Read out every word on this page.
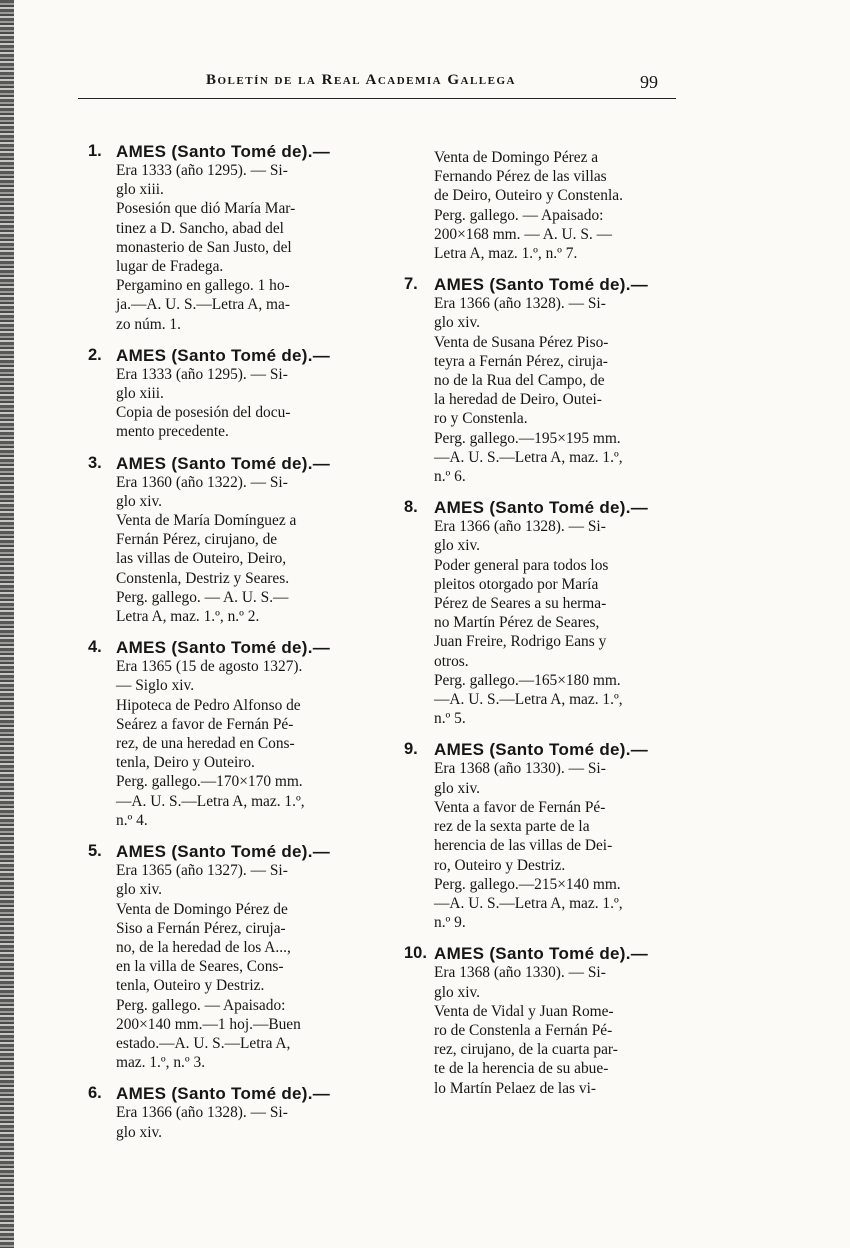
Boletín de la Real Academia Gallega	99
1. AMES (Santo Tomé de).—
Era 1333 (año 1295). — Si-
glo xiii.
Posesión que dió María Mar-
tinez a D. Sancho, abad del
monasterio de San Justo, del
lugar de Fradega.
Pergamino en gallego. 1 ho-
ja.—A. U. S.—Letra A, ma-
zo núm. 1.
2. AMES (Santo Tomé de).—
Era 1333 (año 1295). — Si-
glo xiii.
Copia de posesión del docu-
mento precedente.
3. AMES (Santo Tomé de).—
Era 1360 (año 1322). — Si-
glo xiv.
Venta de María Domínguez a
Fernán Pérez, cirujano, de
las villas de Outeiro, Deiro,
Constenla, Destriz y Seares.
Perg. gallego. — A. U. S.—
Letra A, maz. 1.º, n.º 2.
4. AMES (Santo Tomé de).—
Era 1365 (15 de agosto 1327).
— Siglo xiv.
Hipoteca de Pedro Alfonso de
Seárez a favor de Fernán Pé-
rez, de una heredad en Cons-
tenla, Deiro y Outeiro.
Perg. gallego.—170×170 mm.
—A. U. S.—Letra A, maz. 1.º,
n.º 4.
5. AMES (Santo Tomé de).—
Era 1365 (año 1327). — Si-
glo xiv.
Venta de Domingo Pérez de
Siso a Fernán Pérez, ciruja-
no, de la heredad de los A...,
en la villa de Seares, Cons-
tenla, Outeiro y Destriz.
Perg. gallego. — Apaisado:
200×140 mm.—1 hoj.—Buen
estado.—A. U. S.—Letra A,
maz. 1.º, n.º 3.
6. AMES (Santo Tomé de).—
Era 1366 (año 1328). — Si-
glo xiv.
Venta de Domingo Pérez a
Fernando Pérez de las villas
de Deiro, Outeiro y Constenla.
Perg. gallego. — Apaisado:
200×168 mm. — A. U. S. —
Letra A, maz. 1.º, n.º 7.
7. AMES (Santo Tomé de).—
Era 1366 (año 1328). — Si-
glo xiv.
Venta de Susana Pérez Piso-
teyra a Fernán Pérez, ciruja-
no de la Rua del Campo, de
la heredad de Deiro, Outei-
ro y Constenla.
Perg. gallego.—195×195 mm.
—A. U. S.—Letra A, maz. 1.º,
n.º 6.
8. AMES (Santo Tomé de).—
Era 1366 (año 1328). — Si-
glo xiv.
Poder general para todos los
pleitos otorgado por María
Pérez de Seares a su herma-
no Martín Pérez de Seares,
Juan Freire, Rodrigo Eans y
otros.
Perg. gallego.—165×180 mm.
—A. U. S.—Letra A, maz. 1.º,
n.º 5.
9. AMES (Santo Tomé de).—
Era 1368 (año 1330). — Si-
glo xiv.
Venta a favor de Fernán Pé-
rez de la sexta parte de la
herencia de las villas de Dei-
ro, Outeiro y Destriz.
Perg. gallego.—215×140 mm.
—A. U. S.—Letra A, maz. 1.º,
n.º 9.
10. AMES (Santo Tomé de).—
Era 1368 (año 1330). — Si-
glo xiv.
Venta de Vidal y Juan Rome-
ro de Constenla a Fernán Pé-
rez, cirujano, de la cuarta par-
te de la herencia de su abue-
lo Martín Pelaez de las vi-
